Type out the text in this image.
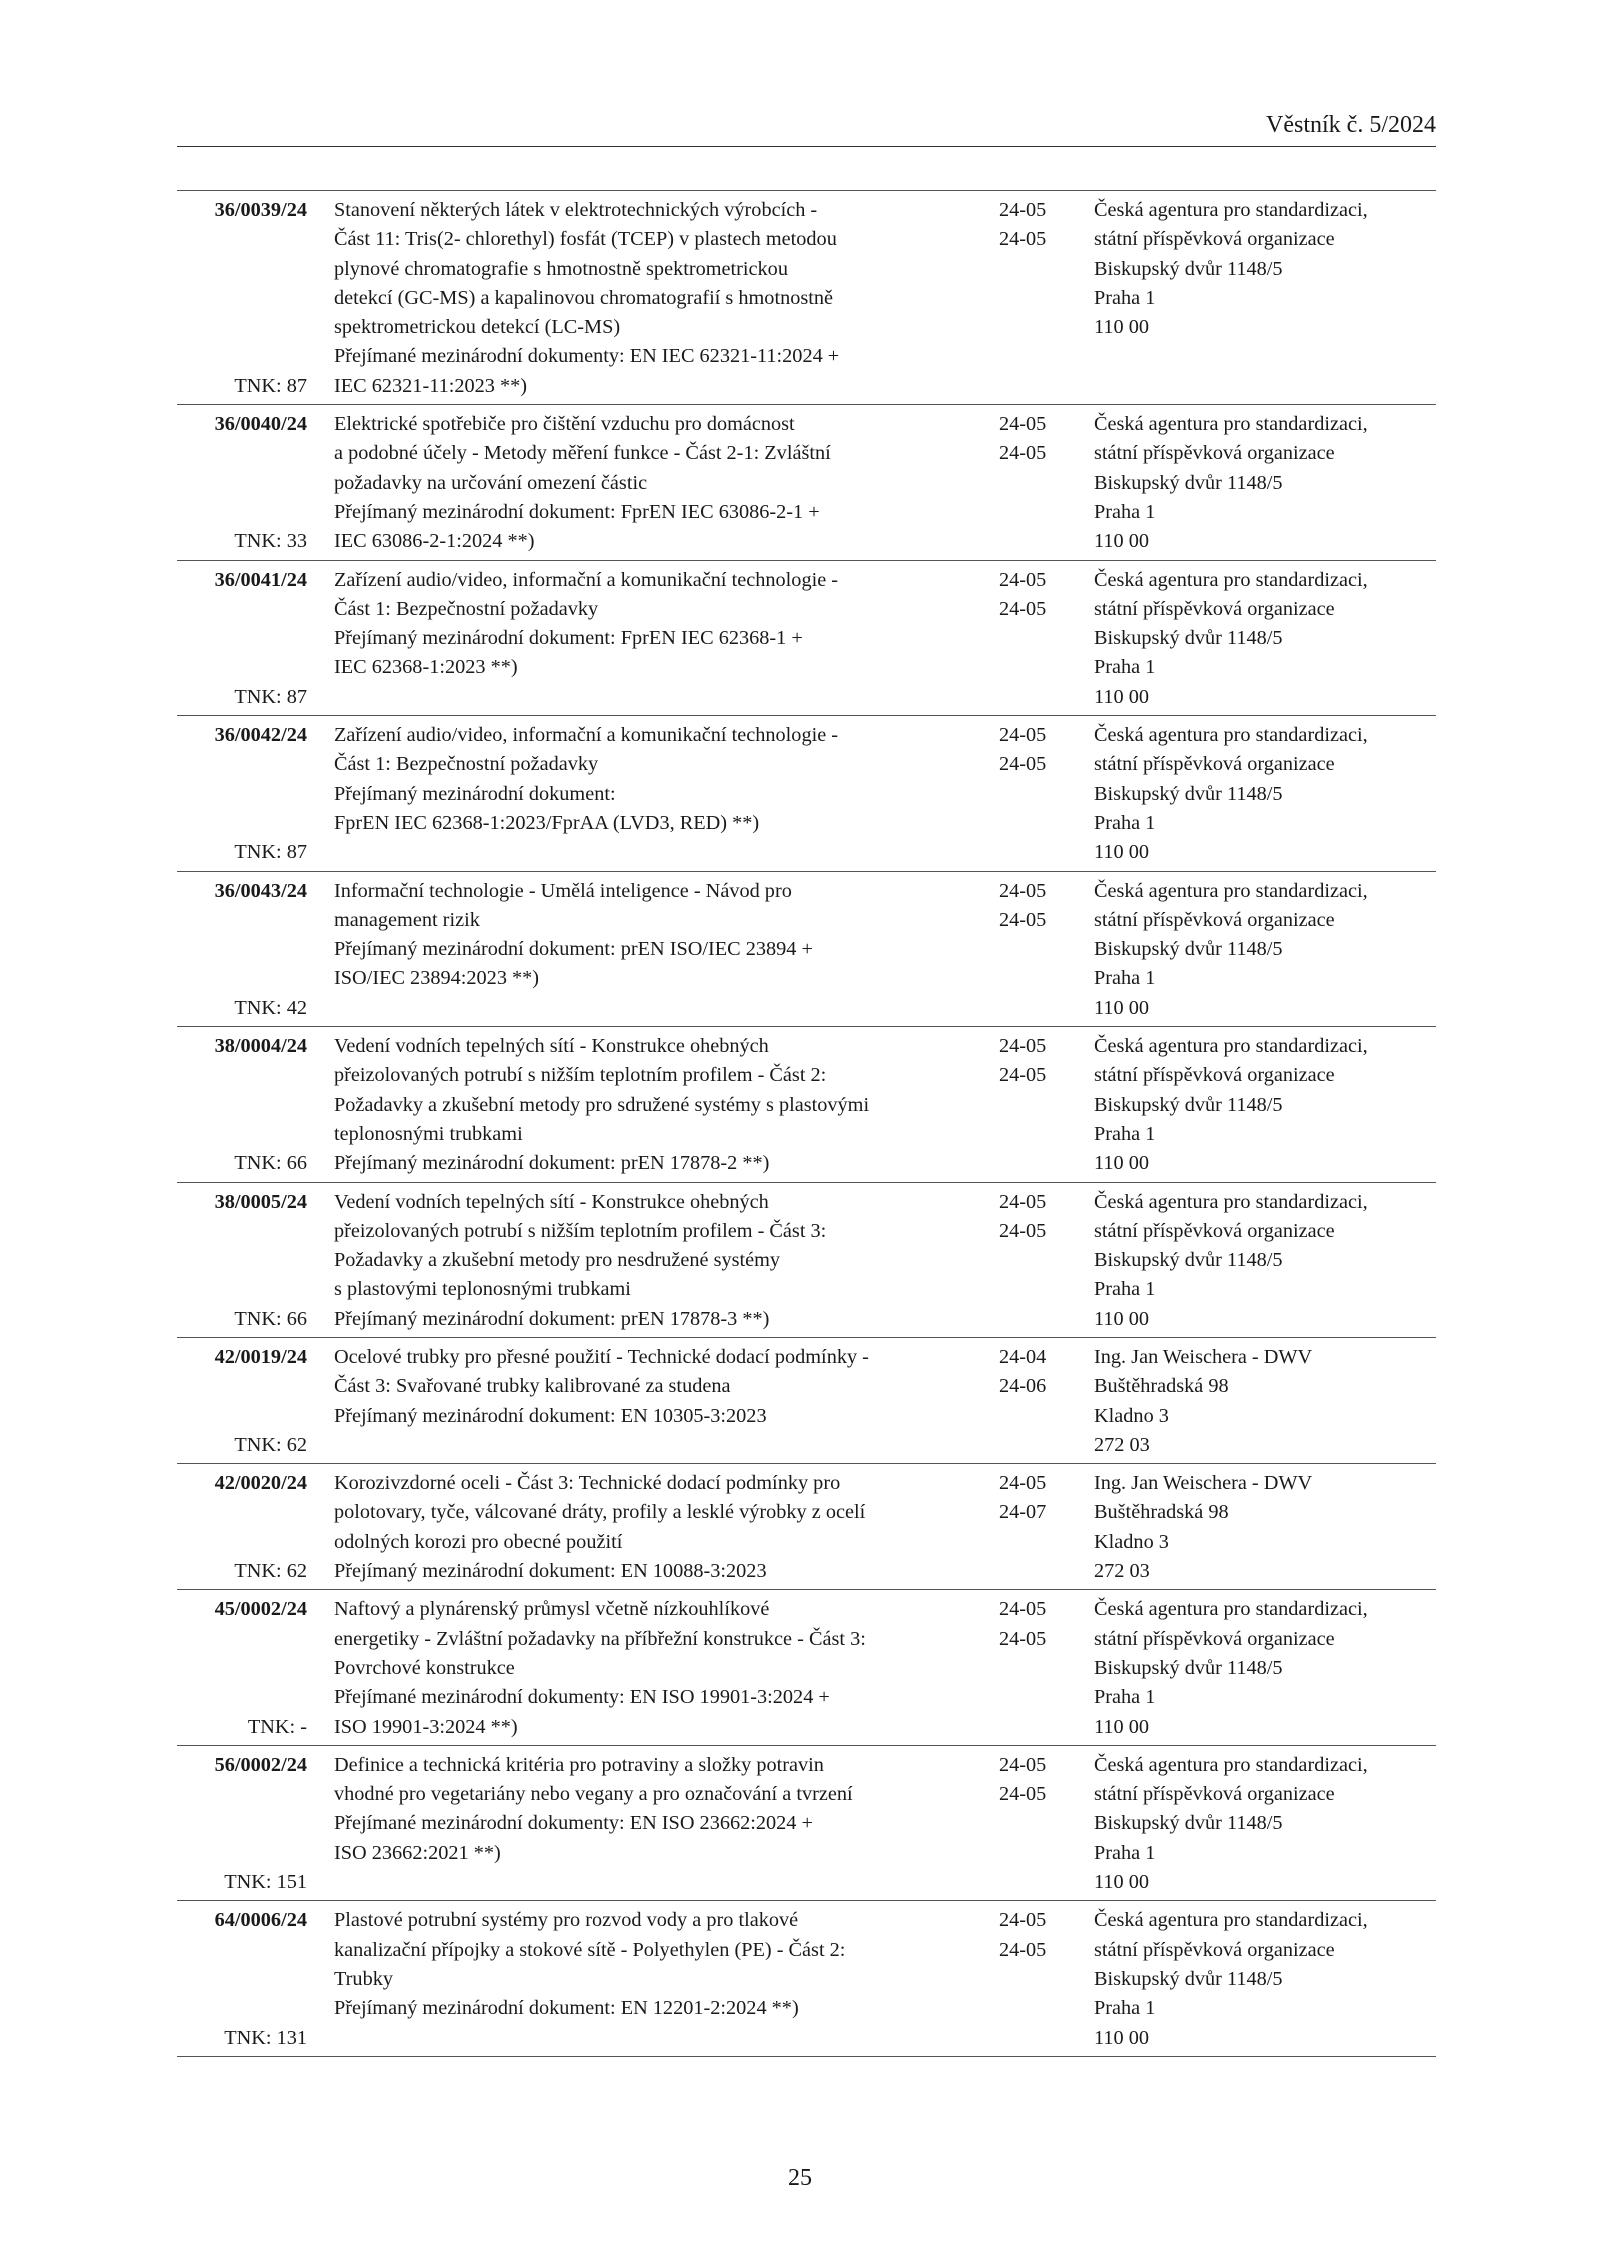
Věstník č. 5/2024
36/0039/24
TNK: 87
Stanovení některých látek v elektrotechnických výrobcích -
Část 11: Tris(2- chlorethyl) fosfát (TCEP) v plastech metodou
plynové chromatografie s hmotnostně spektrometrickou
detekcí (GC-MS) a kapalinovou chromatografií s hmotnostně
spektrometrickou detekcí (LC-MS)
Přejímané mezinárodní dokumenty: EN IEC 62321-11:2024 +
IEC 62321-11:2023 **)
24-05
24-05
Česká agentura pro standardizaci,
státní příspěvková organizace
Biskupský dvůr 1148/5
Praha 1
110 00
36/0040/24
TNK: 33
Elektrické spotřebiče pro čištění vzduchu pro domácnost
a podobné účely - Metody měření funkce - Část 2-1: Zvláštní
požadavky na určování omezení částic
Přejímaný mezinárodní dokument: FprEN IEC 63086-2-1 +
IEC 63086-2-1:2024 **)
24-05
24-05
Česká agentura pro standardizaci,
státní příspěvková organizace
Biskupský dvůr 1148/5
Praha 1
110 00
36/0041/24
TNK: 87
Zařízení audio/video, informační a komunikační technologie -
Část 1: Bezpečnostní požadavky
Přejímaný mezinárodní dokument: FprEN IEC 62368-1 +
IEC 62368-1:2023 **)
24-05
24-05
Česká agentura pro standardizaci,
státní příspěvková organizace
Biskupský dvůr 1148/5
Praha 1
110 00
36/0042/24
TNK: 87
Zařízení audio/video, informační a komunikační technologie -
Část 1: Bezpečnostní požadavky
Přejímaný mezinárodní dokument:
FprEN IEC 62368-1:2023/FprAA (LVD3, RED) **)
24-05
24-05
Česká agentura pro standardizaci,
státní příspěvková organizace
Biskupský dvůr 1148/5
Praha 1
110 00
36/0043/24
TNK: 42
Informační technologie - Umělá inteligence - Návod pro
management rizik
Přejímaný mezinárodní dokument: prEN ISO/IEC 23894 +
ISO/IEC 23894:2023 **)
24-05
24-05
Česká agentura pro standardizaci,
státní příspěvková organizace
Biskupský dvůr 1148/5
Praha 1
110 00
38/0004/24
TNK: 66
Vedení vodních tepelných sítí - Konstrukce ohebných
přeizolovaných potrubí s nižším teplotním profilem - Část 2:
Požadavky a zkušební metody pro sdružené systémy s plastovými
teplonosnými trubkami
Přejímaný mezinárodní dokument: prEN 17878-2 **)
24-05
24-05
Česká agentura pro standardizaci,
státní příspěvková organizace
Biskupský dvůr 1148/5
Praha 1
110 00
38/0005/24
TNK: 66
Vedení vodních tepelných sítí - Konstrukce ohebných
přeizolovaných potrubí s nižším teplotním profilem - Část 3:
Požadavky a zkušební metody pro nesdružené systémy
s plastovými teplonosnými trubkami
Přejímaný mezinárodní dokument: prEN 17878-3 **)
24-05
24-05
Česká agentura pro standardizaci,
státní příspěvková organizace
Biskupský dvůr 1148/5
Praha 1
110 00
42/0019/24
TNK: 62
Ocelové trubky pro přesné použití - Technické dodací podmínky -
Část 3: Svařované trubky kalibrované za studena
Přejímaný mezinárodní dokument: EN 10305-3:2023
24-04
24-06
Ing. Jan Weischera - DWV
Buštěhradská 98
Kladno 3
272 03
42/0020/24
TNK: 62
Korozivzdorné oceli - Část 3: Technické dodací podmínky pro
polotovary, tyče, válcované dráty, profily a lesklé výrobky z ocelí
odolných korozi pro obecné použití
Přejímaný mezinárodní dokument: EN 10088-3:2023
24-05
24-07
Ing. Jan Weischera - DWV
Buštěhradská 98
Kladno 3
272 03
45/0002/24
TNK: -
Naftový a plynárenský průmysl včetně nízkouhlíkové
energetiky - Zvláštní požadavky na příbřežní konstrukce - Část 3:
Povrchové konstrukce
Přejímané mezinárodní dokumenty: EN ISO 19901-3:2024 +
ISO 19901-3:2024 **)
24-05
24-05
Česká agentura pro standardizaci,
státní příspěvková organizace
Biskupský dvůr 1148/5
Praha 1
110 00
56/0002/24
TNK: 151
Definice a technická kritéria pro potraviny a složky potravin
vhodné pro vegetariány nebo vegany a pro označování a tvrzení
Přejímané mezinárodní dokumenty: EN ISO 23662:2024 +
ISO 23662:2021 **)
24-05
24-05
Česká agentura pro standardizaci,
státní příspěvková organizace
Biskupský dvůr 1148/5
Praha 1
110 00
64/0006/24
TNK: 131
Plastové potrubní systémy pro rozvod vody a pro tlakové
kanalizační přípojky a stokové sítě - Polyethylen (PE) - Část 2:
Trubky
Přejímaný mezinárodní dokument: EN 12201-2:2024 **)
24-05
24-05
Česká agentura pro standardizaci,
státní příspěvková organizace
Biskupský dvůr 1148/5
Praha 1
110 00
25
